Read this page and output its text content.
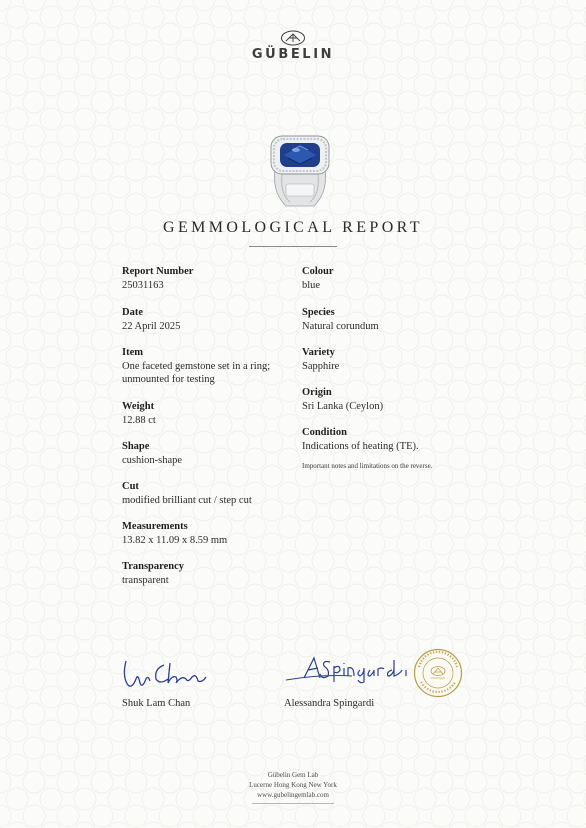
GÜBELIN
GEMMOLOGICAL REPORT
Report Number
25031163
Date
22 April 2025
Item
One faceted gemstone set in a ring;
unmounted for testing
Weight
12.88 ct
Shape
cushion-shape
Cut
modified brilliant cut / step cut
Measurements
13.82 x 11.09 x 8.59 mm
Transparency
transparent
Colour
blue
Species
Natural corundum
Variety
Sapphire
Origin
Sri Lanka (Ceylon)
Condition
Indications of heating (TE).
Important notes and limitations on the reverse.
Shuk Lam Chan	Alessandra Spingardi
Gübelin Gem Lab
Lucerne Hong Kong New York
www.gubelingemlab.com
